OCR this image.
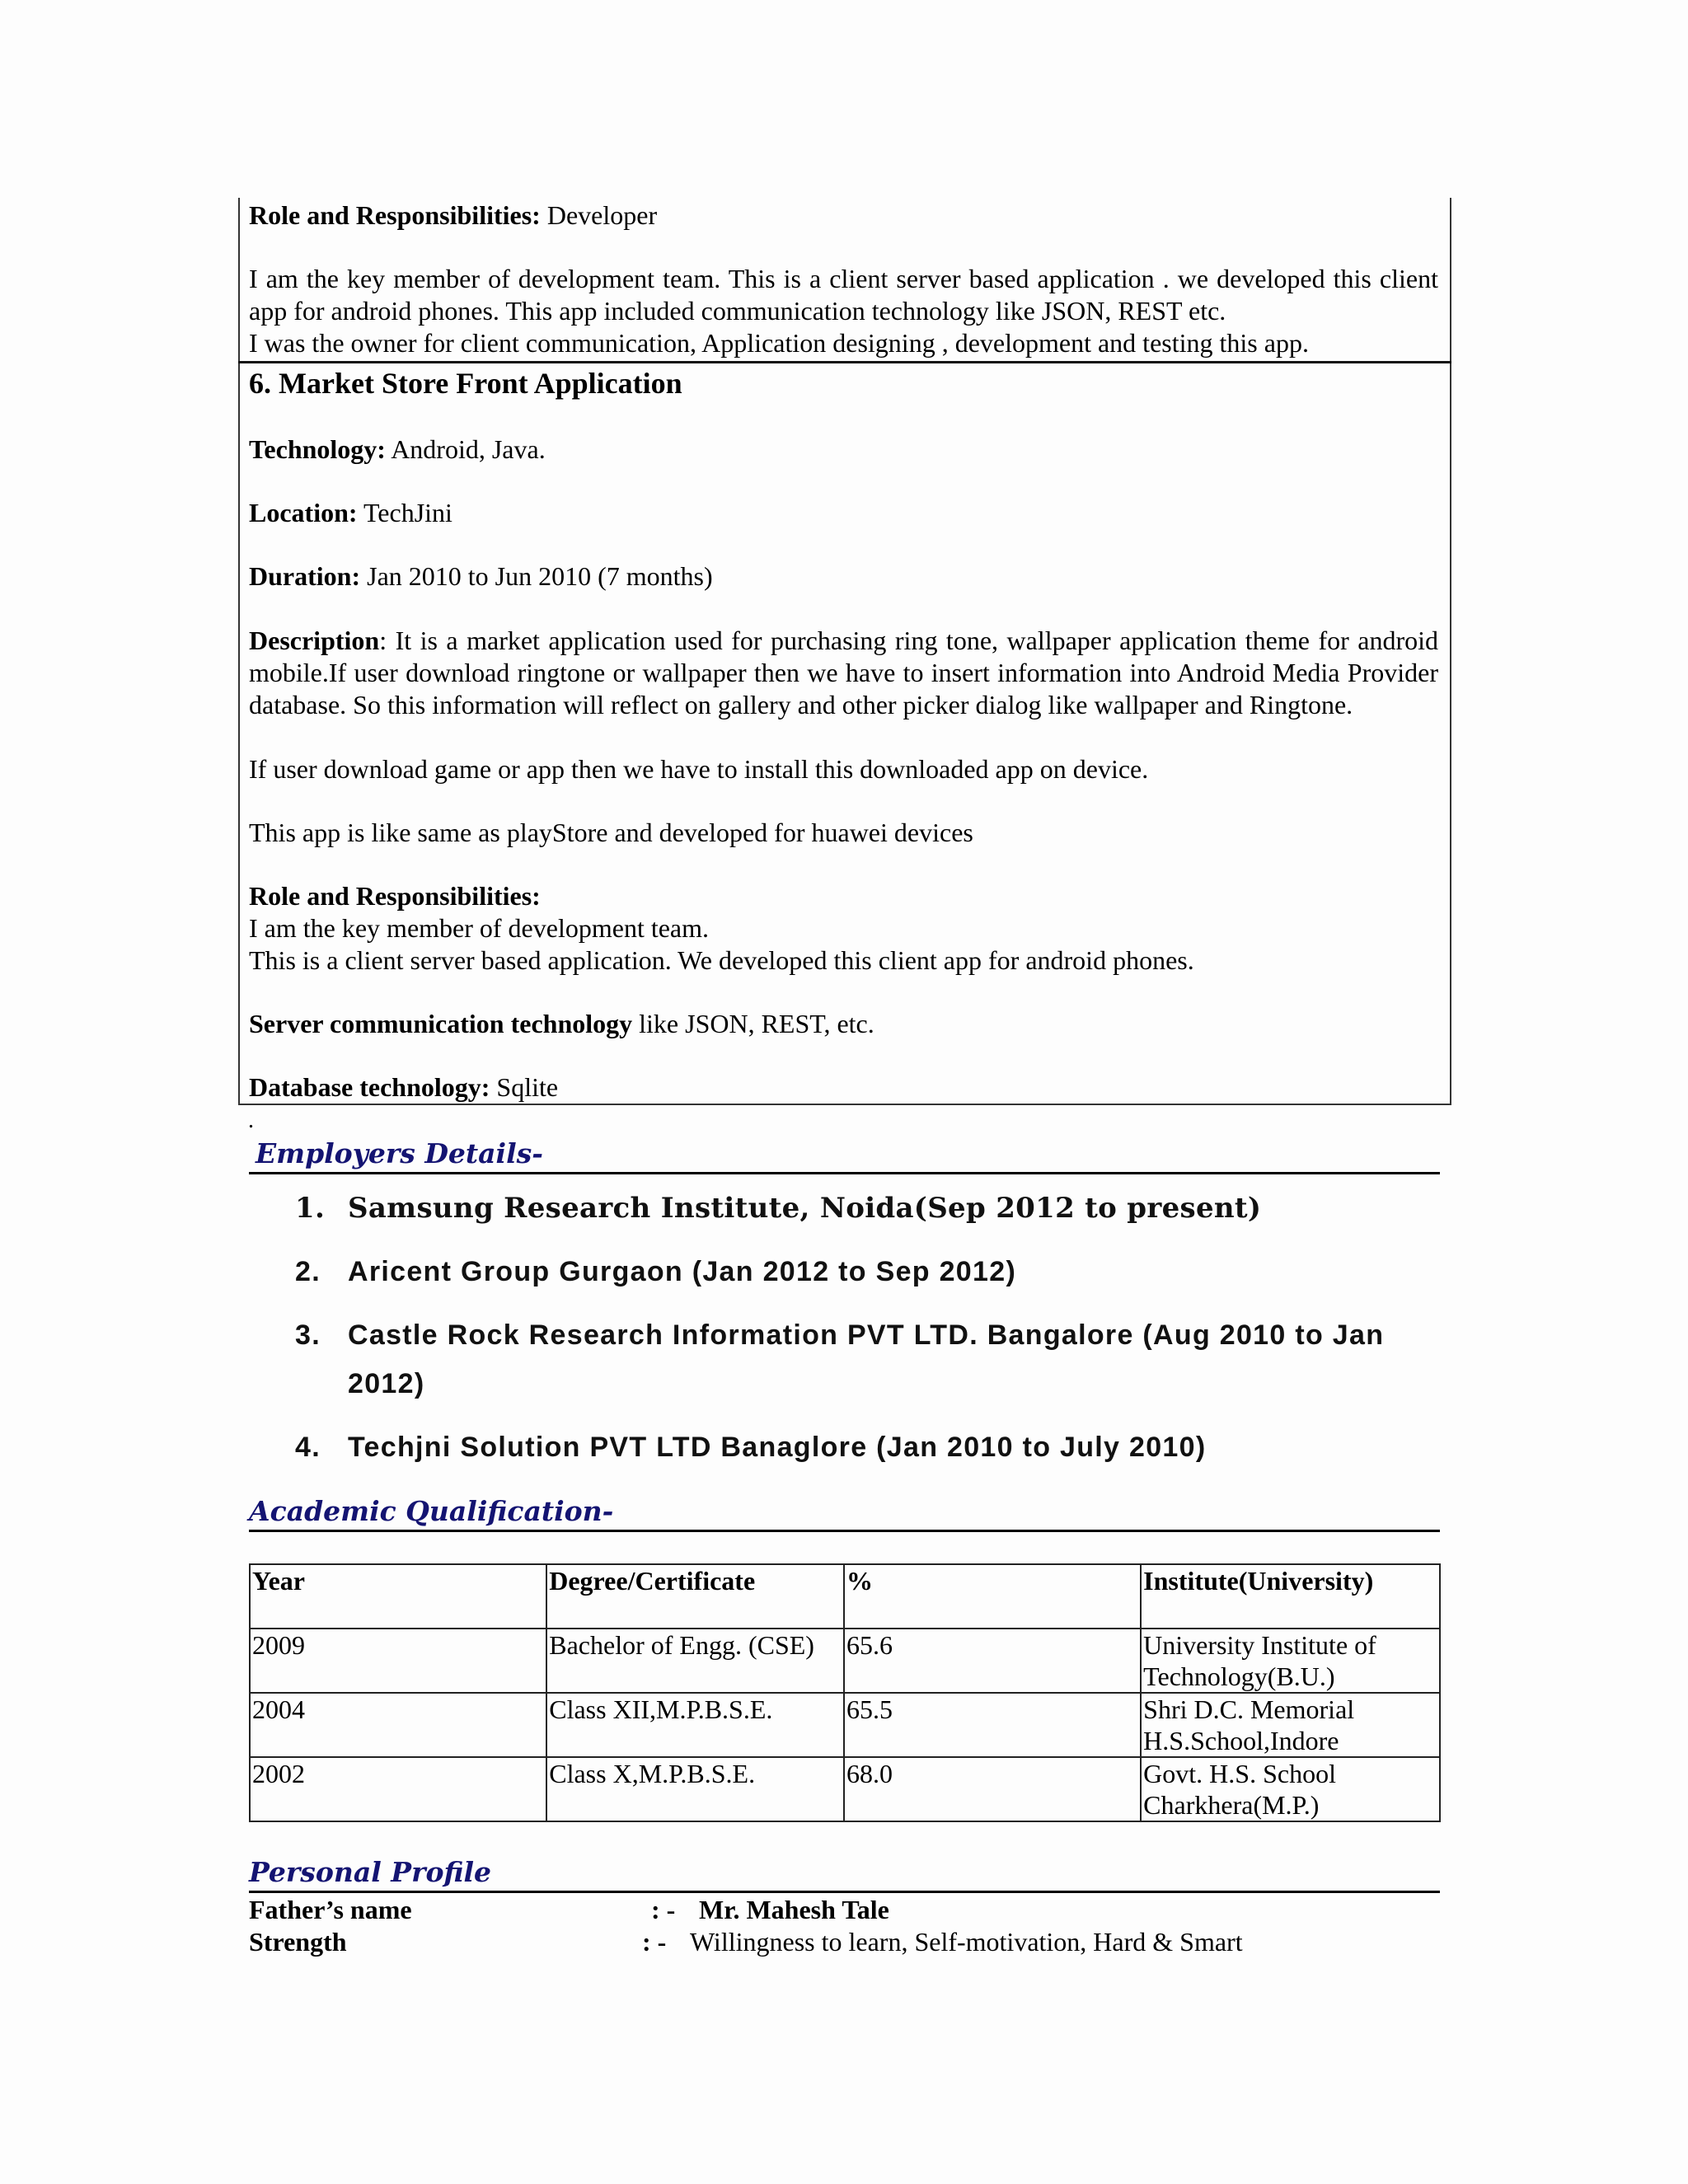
Role and Responsibilities: Developer

I am the key member of development team. This is a client server based application . we developed this client app for android phones. This app included communication technology like JSON, REST etc.

I was the owner for client communication, Application designing , development and testing this app.

6. Market Store Front Application

Technology: Android, Java.

Location: TechJini

Duration: Jan 2010 to Jun 2010 (7 months)

Description: It is a market application used for purchasing ring tone, wallpaper application theme for android mobile.If user download ringtone or wallpaper then we have to insert information into Android Media Provider database. So this information will reflect on gallery and other picker dialog like wallpaper and Ringtone.

If user download game or app then we have to install this downloaded app on device.

This app is like same as playStore and developed for huawei devices

Role and Responsibilities:

I am the key member of development team.

This is a client server based application. We developed this client app for android phones.

Server communication technology like JSON, REST, etc.

Database technology: Sqlite

.
Employers Details-
1. Samsung Research Institute, Noida(Sep 2012 to present)
2. Aricent Group Gurgaon (Jan 2012 to Sep 2012)
3. Castle Rock Research Information PVT LTD. Bangalore (Aug 2010 to Jan 2012)
4. Techjni Solution PVT LTD Banaglore (Jan 2010 to July 2010)
Academic Qualification-
Year	Degree/Certificate	%	Institute(University)
2009	Bachelor of Engg. (CSE)	65.6	University Institute of Technology(B.U.)
2004	Class XII,M.P.B.S.E.	65.5	Shri D.C. Memorial H.S.School,Indore
2002	Class X,M.P.B.S.E.	68.0	Govt. H.S. School Charkhera(M.P.)
Personal Profile
Father’s name	: - Mr. Mahesh Tale
Strength	: - Willingness to learn, Self-motivation, Hard & Smart
